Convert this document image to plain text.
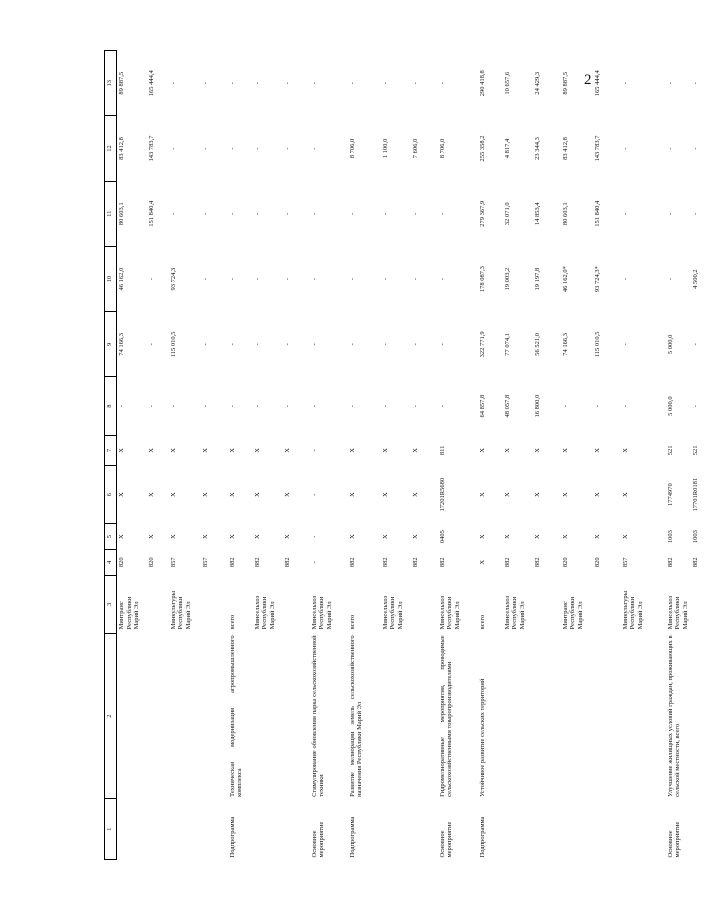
2
1	2	3	4	5	6	7	8	9	10	11	12	13
		Минтранс Республики Марий Эл	820	X	X	X	-	74 166,3	46 162,0	80 603,1	83 412,8	89 887,5
			820	X	X	X	-	-	-	151 840,4	143 783,7	165 444,4
		Минкультуры Республики Марий Эл	857	X	X	X	-	115 010,5	93 724,3	-	-	-
			857	X	X	X	-	-	-	-	-	-
Подпрограмма	Техническая модернизация агропромышленного комплекса	всего	882	X	X	X	-	-	-	-	-	-
		Минсельхоз Республики Марий Эл	882	X	X	X	-	-	-	-	-	-
			882	X	X	X	-	-	-	-	-	-
Основное мероприятие	Стимулирование обновления парка сельскохозяйственной техники	Минсельхоз Республики Марий Эл	-	-	-	-	-	-	-	-	-	-
Подпрограмма	Развитие мелиорации земель сельскохозяйственного назначения Республики Марий Эл	всего	882	X	X	X	-	-	-	-	8 706,0	-
		Минсельхоз Республики Марий Эл	882	X	X	X	-	-	-	-	1 100,0	-
			882	X	X	X	-	-	-	-	7 606,0	-
Основное мероприятие	Гидромелиоративные мероприятия, проводимые сельскохозяйственными товаропроизводителями	Минсельхоз Республики Марий Эл	882	0405	17201R5680	811	-	-	-	-	8 706,0	-
Подпрограмма	Устойчивое развитие сельских территорий	всего	X	X	X	X	64 857,8	322 771,9	178 087,3	279 367,9	255 358,2	290 418,8
		Минсельхоз Республики Марий Эл	882	X	X	X	48 057,8	77 074,1	19 003,2	32 071,0	4 817,4	10 657,6
			882	X	X	X	16 800,0	56 521,0	19 197,8	14 853,4	23 344,3	24 429,3
		Минтранс Республики Марий Эл	820	X	X	X	-	74 166,3	46 162,0*	80 603,1	83 412,8	89 887,5
			820	X	X	X	-	115 010,5	93 724,3*	151 840,4	143 783,7	165 444,4
		Минкультуры Республики Марий Эл	857	X	X	X	-	-	-	-	-	-
Основное мероприятие	Улучшение жилищных условий граждан, проживающих в сельской местности, всего	Минсельхоз Республики Марий Эл	882	1003	1774970	521	5 000,0	5 000,0	-	-	-	-
			882	1003	17701R0181	521	-	-	4 500,2	-	-	-
